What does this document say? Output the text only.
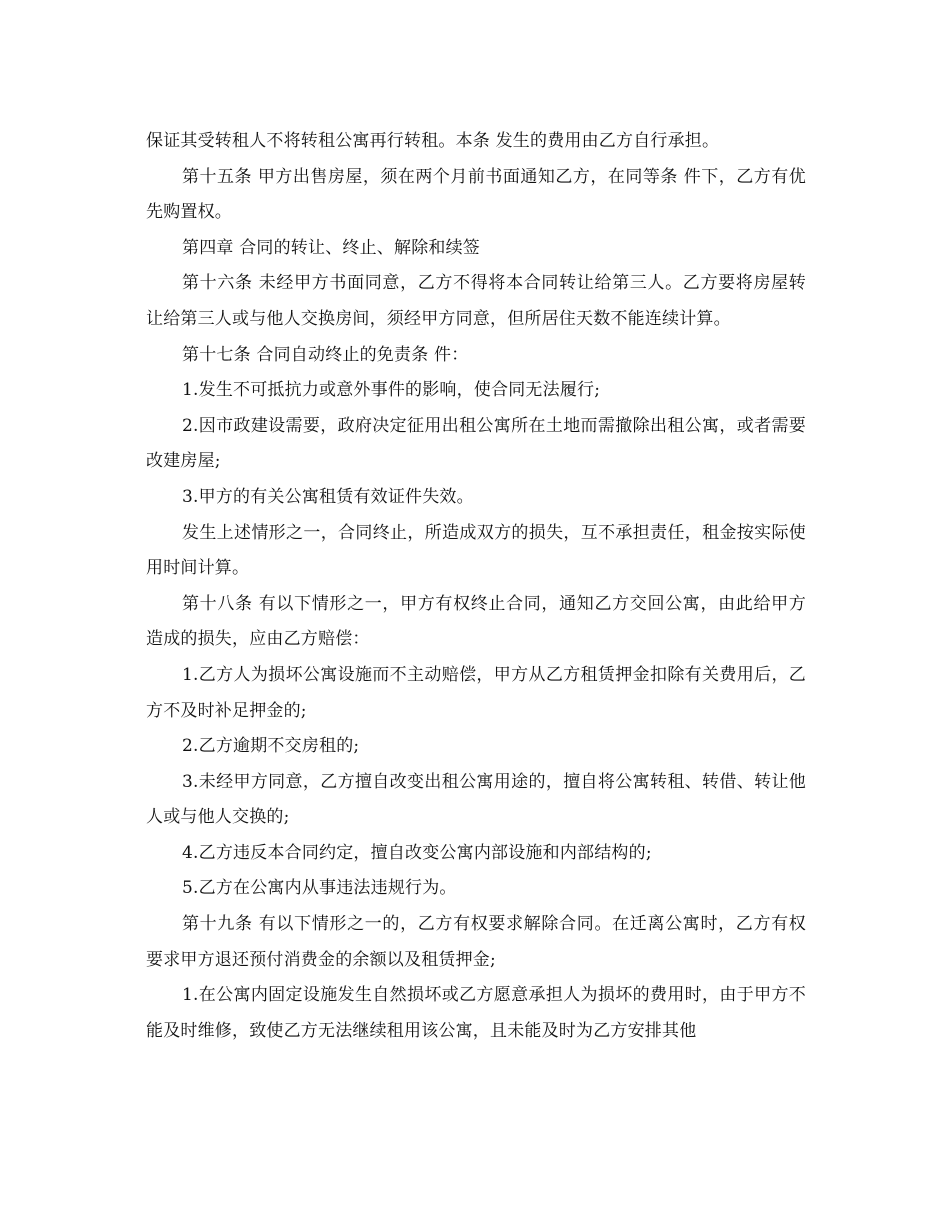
保证其受转租人不将转租公寓再行转租。本条 发生的费用由乙方自行承担。

第十五条 甲方出售房屋，须在两个月前书面通知乙方，在同等条 件下，乙方有优先购置权。

第四章 合同的转让、终止、解除和续签

第十六条 未经甲方书面同意，乙方不得将本合同转让给第三人。乙方要将房屋转让给第三人或与他人交换房间，须经甲方同意，但所居住天数不能连续计算。

第十七条 合同自动终止的免责条 件：

1.发生不可抵抗力或意外事件的影响，使合同无法履行;

2.因市政建设需要，政府决定征用出租公寓所在土地而需撤除出租公寓，或者需要改建房屋;

3.甲方的有关公寓租赁有效证件失效。

发生上述情形之一，合同终止，所造成双方的损失，互不承担责任，租金按实际使用时间计算。

第十八条 有以下情形之一，甲方有权终止合同，通知乙方交回公寓，由此给甲方造成的损失，应由乙方赔偿：

1.乙方人为损坏公寓设施而不主动赔偿，甲方从乙方租赁押金扣除有关费用后，乙方不及时补足押金的;

2.乙方逾期不交房租的;

3.未经甲方同意，乙方擅自改变出租公寓用途的，擅自将公寓转租、转借、转让他人或与他人交换的;

4.乙方违反本合同约定，擅自改变公寓内部设施和内部结构的;

5.乙方在公寓内从事违法违规行为。

第十九条 有以下情形之一的，乙方有权要求解除合同。在迁离公寓时，乙方有权要求甲方退还预付消费金的余额以及租赁押金;

1.在公寓内固定设施发生自然损坏或乙方愿意承担人为损坏的费用时，由于甲方不能及时维修，致使乙方无法继续租用该公寓，且未能及时为乙方安排其他
